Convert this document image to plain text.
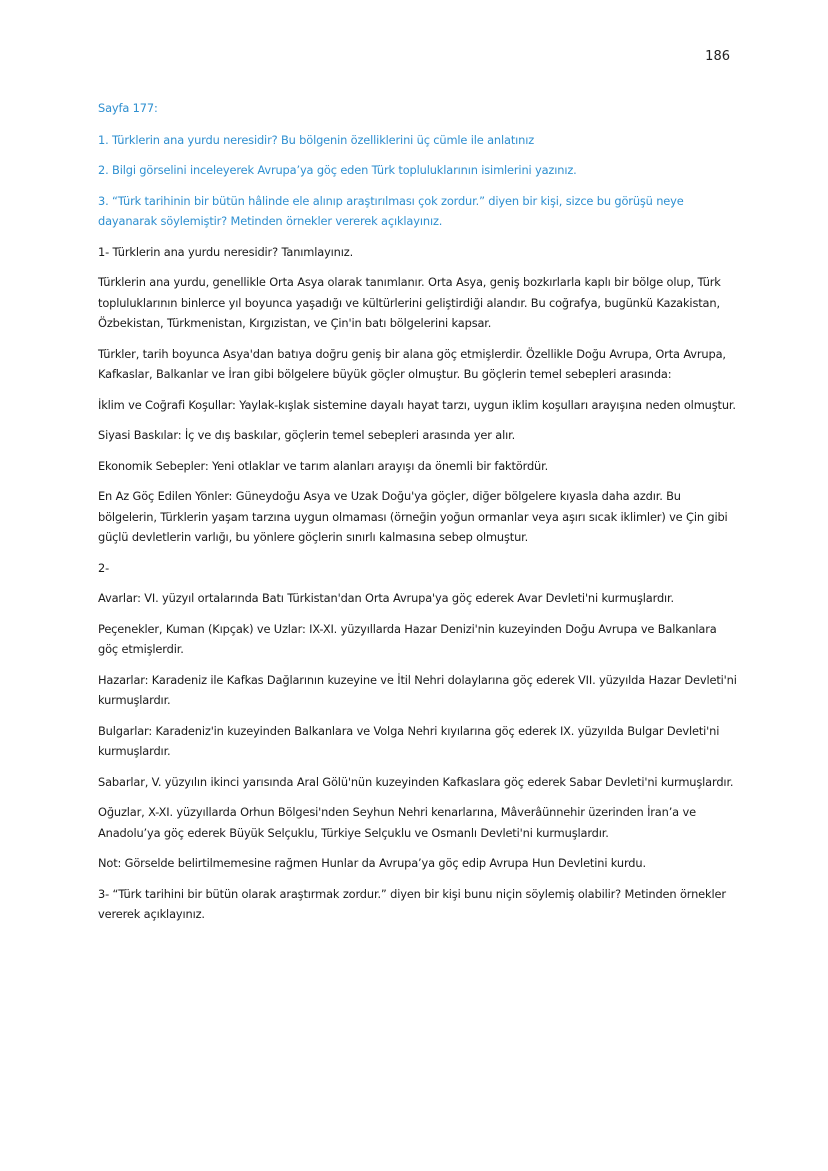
186

Sayfa 177:

1. Türklerin ana yurdu neresidir? Bu bölgenin özelliklerini üç cümle ile anlatınız

2. Bilgi görselini inceleyerek Avrupa’ya göç eden Türk topluluklarının isimlerini yazınız.

3. “Türk tarihinin bir bütün hâlinde ele alınıp araştırılması çok zordur.” diyen bir kişi, sizce bu görüşü neye dayanarak söylemiştir? Metinden örnekler vererek açıklayınız.

1- Türklerin ana yurdu neresidir? Tanımlayınız.

Türklerin ana yurdu, genellikle Orta Asya olarak tanımlanır. Orta Asya, geniş bozkırlarla kaplı bir bölge olup, Türk topluluklarının binlerce yıl boyunca yaşadığı ve kültürlerini geliştirdiği alandır. Bu coğrafya, bugünkü Kazakistan, Özbekistan, Türkmenistan, Kırgızistan, ve Çin'in batı bölgelerini kapsar.

Türkler, tarih boyunca Asya'dan batıya doğru geniş bir alana göç etmişlerdir. Özellikle Doğu Avrupa, Orta Avrupa, Kafkaslar, Balkanlar ve İran gibi bölgelere büyük göçler olmuştur. Bu göçlerin temel sebepleri arasında:

İklim ve Coğrafi Koşullar: Yaylak-kışlak sistemine dayalı hayat tarzı, uygun iklim koşulları arayışına neden olmuştur.

Siyasi Baskılar: İç ve dış baskılar, göçlerin temel sebepleri arasında yer alır.

Ekonomik Sebepler: Yeni otlaklar ve tarım alanları arayışı da önemli bir faktördür.

En Az Göç Edilen Yönler: Güneydoğu Asya ve Uzak Doğu'ya göçler, diğer bölgelere kıyasla daha azdır. Bu bölgelerin, Türklerin yaşam tarzına uygun olmaması (örneğin yoğun ormanlar veya aşırı sıcak iklimler) ve Çin gibi güçlü devletlerin varlığı, bu yönlere göçlerin sınırlı kalmasına sebep olmuştur.

2-

Avarlar: VI. yüzyıl ortalarında Batı Türkistan'dan Orta Avrupa'ya göç ederek Avar Devleti'ni kurmuşlardır.

Peçenekler, Kuman (Kıpçak) ve Uzlar: IX-XI. yüzyıllarda Hazar Denizi'nin kuzeyinden Doğu Avrupa ve Balkanlara göç etmişlerdir.

Hazarlar: Karadeniz ile Kafkas Dağlarının kuzeyine ve İtil Nehri dolaylarına göç ederek VII. yüzyılda Hazar Devleti'ni kurmuşlardır.

Bulgarlar: Karadeniz'in kuzeyinden Balkanlara ve Volga Nehri kıyılarına göç ederek IX. yüzyılda Bulgar Devleti'ni kurmuşlardır.

Sabarlar, V. yüzyılın ikinci yarısında Aral Gölü'nün kuzeyinden Kafkaslara göç ederek Sabar Devleti'ni kurmuşlardır.

Oğuzlar, X-XI. yüzyıllarda Orhun Bölgesi'nden Seyhun Nehri kenarlarına, Mâverâünnehir üzerinden İran’a ve Anadolu’ya göç ederek Büyük Selçuklu, Türkiye Selçuklu ve Osmanlı Devleti'ni kurmuşlardır.

Not: Görselde belirtilmemesine rağmen Hunlar da Avrupa’ya göç edip Avrupa Hun Devletini kurdu.

3- “Türk tarihini bir bütün olarak araştırmak zordur.” diyen bir kişi bunu niçin söylemiş olabilir? Metinden örnekler vererek açıklayınız.
